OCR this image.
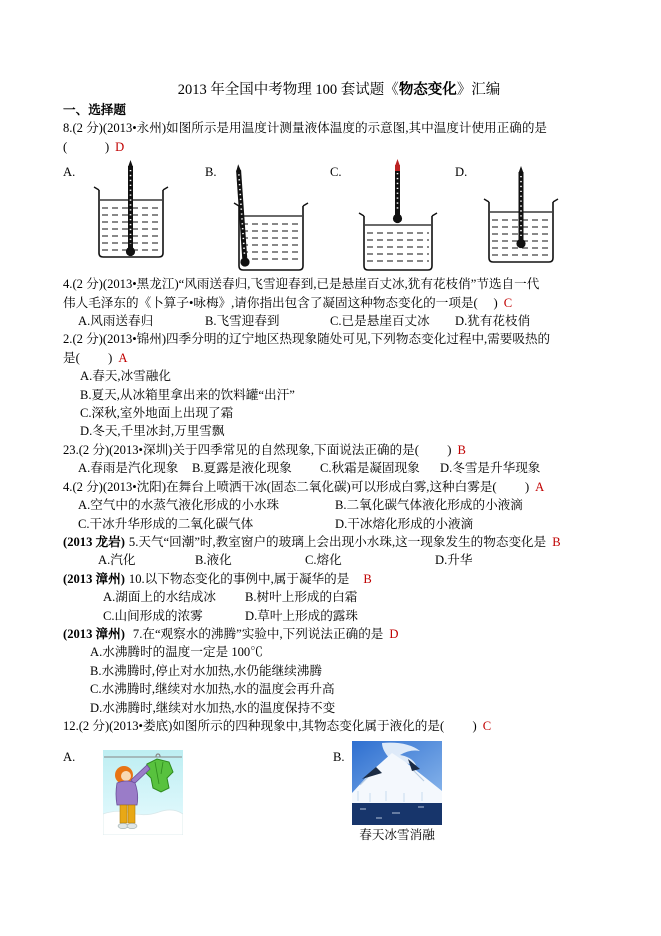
2013 年全国中考物理 100 套试题《物态变化》汇编

一、选择题

8.(2 分)(2013•永州)如图所示是用温度计测量液体温度的示意图,其中温度计使用正确的是

(　　　) D

A.	B.	C.	D.

4.(2 分)(2013•黑龙江)“风雨送春归,飞雪迎春到,已是悬崖百丈冰,犹有花枝俏”节选自一代

伟人毛泽东的《卜算子•咏梅》,请你指出包含了凝固这种物态变化的一项是(　 ) C

A.风雨送春归	B.飞雪迎春到	C.已是悬崖百丈冰	D.犹有花枝俏

2.(2 分)(2013•锦州)四季分明的辽宁地区热现象随处可见,下列物态变化过程中,需要吸热的

是(　　 ) A

A.春天,冰雪融化

B.夏天,从冰箱里拿出来的饮料罐“出汗”

C.深秋,室外地面上出现了霜

D.冬天,千里冰封,万里雪飘

23.(2 分)(2013•深圳)关于四季常见的自然现象,下面说法正确的是(　　 ) B

A.春雨是汽化现象	B.夏露是液化现象	C.秋霜是凝固现象	D.冬雪是升华现象

4.(2 分)(2013•沈阳)在舞台上喷洒干冰(固态二氧化碳)可以形成白雾,这种白雾是(　　 ) A

A.空气中的水蒸气液化形成的小水珠	B.二氧化碳气体液化形成的小液滴
C.干冰升华形成的二氧化碳气体	D.干冰熔化形成的小液滴

(2013 龙岩) 5.天气“回潮”时,教室窗户的玻璃上会出现小水珠,这一现象发生的物态变化是 B

A.汽化	B.液化	C.熔化	D.升华

(2013 漳州) 10.以下物态变化的事例中,属于凝华的是 B

A.湖面上的水结成冰	B.树叶上形成的白霜
C.山间形成的浓雾	D.草叶上形成的露珠

(2013 漳州) 7.在“观察水的沸腾”实验中,下列说法正确的是 D

A.水沸腾时的温度一定是 100℃

B.水沸腾时,停止对水加热,水仍能继续沸腾

C.水沸腾时,继续对水加热,水的温度会再升高

D.水沸腾时,继续对水加热,水的温度保持不变

12.(2 分)(2013•娄底)如图所示的四种现象中,其物态变化属于液化的是(　　 ) C

A.	B.
春天冰雪消融
